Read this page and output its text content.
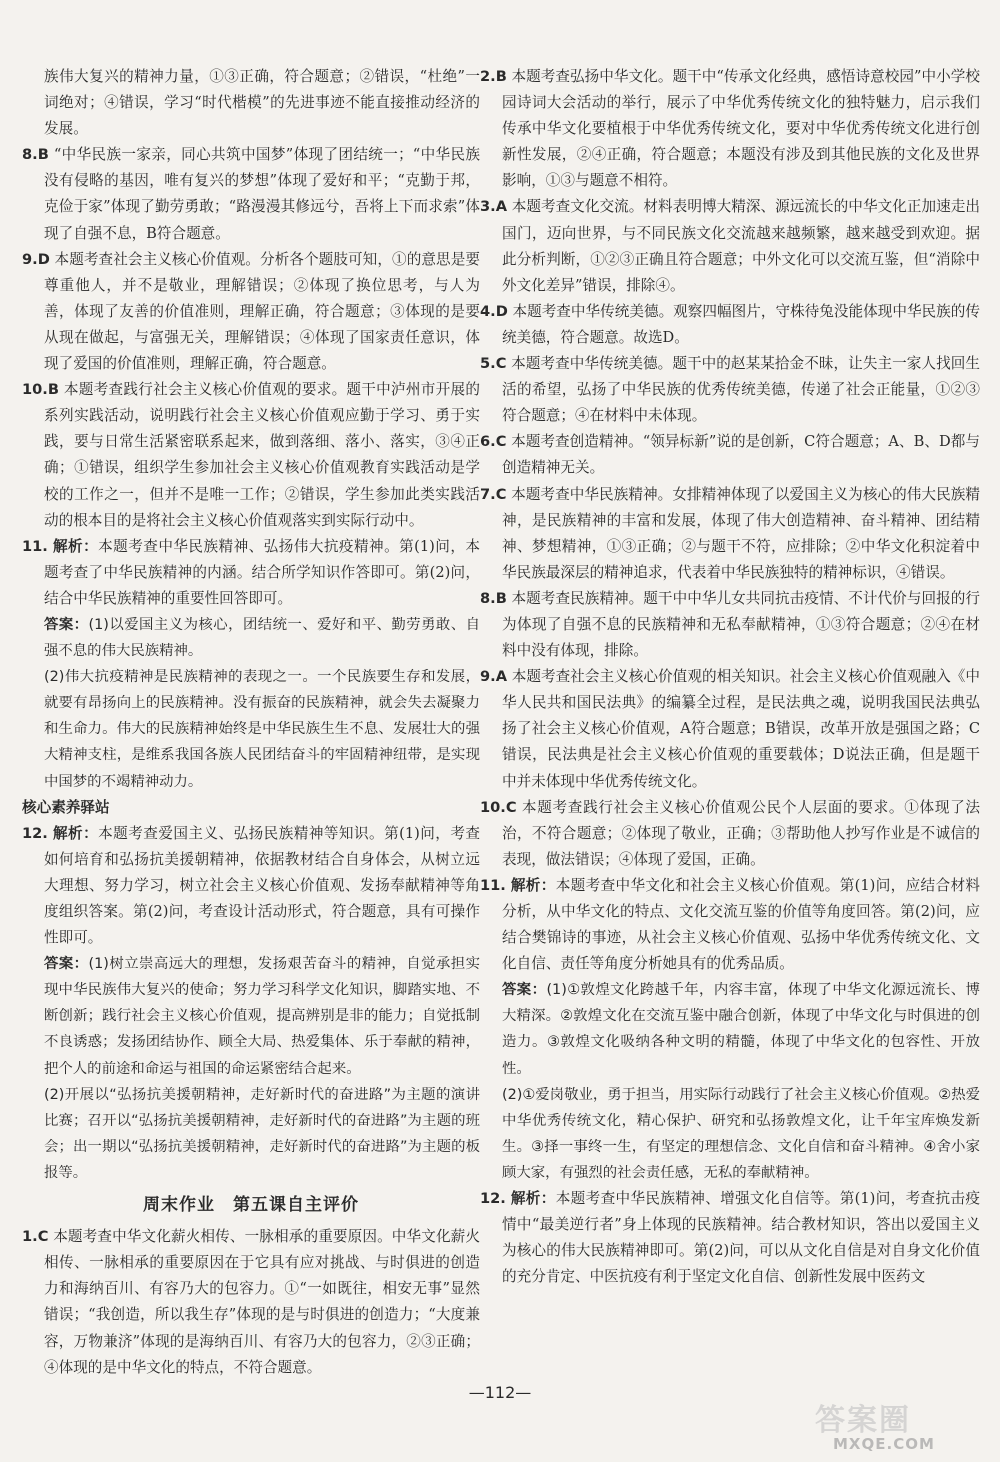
族伟大复兴的精神力量，①③正确，符合题意；②错误，“杜绝”一词绝对；④错误，学习“时代楷模”的先进事迹不能直接推动经济的发展。

8.B “中华民族一家亲，同心共筑中国梦”体现了团结统一；“中华民族没有侵略的基因，唯有复兴的梦想”体现了爱好和平；“克勤于邦，克俭于家”体现了勤劳勇敢；“路漫漫其修远兮，吾将上下而求索”体现了自强不息，B符合题意。

9.D 本题考查社会主义核心价值观。分析各个题肢可知，①的意思是要尊重他人，并不是敬业，理解错误；②体现了换位思考，与人为善，体现了友善的价值准则，理解正确，符合题意；③体现的是要从现在做起，与富强无关，理解错误；④体现了国家责任意识，体现了爱国的价值准则，理解正确，符合题意。

10.B 本题考查践行社会主义核心价值观的要求。题干中泸州市开展的系列实践活动，说明践行社会主义核心价值观应勤于学习、勇于实践，要与日常生活紧密联系起来，做到落细、落小、落实，③④正确；①错误，组织学生参加社会主义核心价值观教育实践活动是学校的工作之一，但并不是唯一工作；②错误，学生参加此类实践活动的根本目的是将社会主义核心价值观落实到实际行动中。

11. 解析：本题考查中华民族精神、弘扬伟大抗疫精神。第(1)问，本题考查了中华民族精神的内涵。结合所学知识作答即可。第(2)问，结合中华民族精神的重要性回答即可。

答案：(1)以爱国主义为核心，团结统一、爱好和平、勤劳勇敢、自强不息的伟大民族精神。

(2)伟大抗疫精神是民族精神的表现之一。一个民族要生存和发展，就要有昂扬向上的民族精神。没有振奋的民族精神，就会失去凝聚力和生命力。伟大的民族精神始终是中华民族生生不息、发展壮大的强大精神支柱，是维系我国各族人民团结奋斗的牢固精神纽带，是实现中国梦的不竭精神动力。

核心素养驿站

12. 解析：本题考查爱国主义、弘扬民族精神等知识。第(1)问，考查如何培育和弘扬抗美援朝精神，依据教材结合自身体会，从树立远大理想、努力学习，树立社会主义核心价值观、发扬奉献精神等角度组织答案。第(2)问，考查设计活动形式，符合题意，具有可操作性即可。

答案：(1)树立崇高远大的理想，发扬艰苦奋斗的精神，自觉承担实现中华民族伟大复兴的使命；努力学习科学文化知识，脚踏实地、不断创新；践行社会主义核心价值观，提高辨别是非的能力；自觉抵制不良诱惑；发扬团结协作、顾全大局、热爱集体、乐于奉献的精神，把个人的前途和命运与祖国的命运紧密结合起来。

(2)开展以“弘扬抗美援朝精神，走好新时代的奋进路”为主题的演讲比赛；召开以“弘扬抗美援朝精神，走好新时代的奋进路”为主题的班会；出一期以“弘扬抗美援朝精神，走好新时代的奋进路”为主题的板报等。

周末作业　第五课自主评价

1.C 本题考查中华文化薪火相传、一脉相承的重要原因。中华文化薪火相传、一脉相承的重要原因在于它具有应对挑战、与时俱进的创造力和海纳百川、有容乃大的包容力。①“一如既往，相安无事”显然错误；“我创造，所以我生存”体现的是与时俱进的创造力；“大度兼容，万物兼济”体现的是海纳百川、有容乃大的包容力，②③正确；④体现的是中华文化的特点，不符合题意。

2.B 本题考查弘扬中华文化。题干中“传承文化经典，感悟诗意校园”中小学校园诗词大会活动的举行，展示了中华优秀传统文化的独特魅力，启示我们传承中华文化要植根于中华优秀传统文化，要对中华优秀传统文化进行创新性发展，②④正确，符合题意；本题没有涉及到其他民族的文化及世界影响，①③与题意不相符。

3.A 本题考查文化交流。材料表明博大精深、源远流长的中华文化正加速走出国门，迈向世界，与不同民族文化交流越来越频繁，越来越受到欢迎。据此分析判断，①②③正确且符合题意；中外文化可以交流互鉴，但“消除中外文化差异”错误，排除④。

4.D 本题考查中华传统美德。观察四幅图片，守株待兔没能体现中华民族的传统美德，符合题意。故选D。

5.C 本题考查中华传统美德。题干中的赵某某拾金不昧，让失主一家人找回生活的希望，弘扬了中华民族的优秀传统美德，传递了社会正能量，①②③符合题意；④在材料中未体现。

6.C 本题考查创造精神。“领异标新”说的是创新，C符合题意；A、B、D都与创造精神无关。

7.C 本题考查中华民族精神。女排精神体现了以爱国主义为核心的伟大民族精神，是民族精神的丰富和发展，体现了伟大创造精神、奋斗精神、团结精神、梦想精神，①③正确；②与题干不符，应排除；②中华文化积淀着中华民族最深层的精神追求，代表着中华民族独特的精神标识，④错误。

8.B 本题考查民族精神。题干中中华儿女共同抗击疫情、不计代价与回报的行为体现了自强不息的民族精神和无私奉献精神，①③符合题意；②④在材料中没有体现，排除。

9.A 本题考查社会主义核心价值观的相关知识。社会主义核心价值观融入《中华人民共和国民法典》的编纂全过程，是民法典之魂，说明我国民法典弘扬了社会主义核心价值观，A符合题意；B错误，改革开放是强国之路；C错误，民法典是社会主义核心价值观的重要载体；D说法正确，但是题干中并未体现中华优秀传统文化。

10.C 本题考查践行社会主义核心价值观公民个人层面的要求。①体现了法治，不符合题意；②体现了敬业，正确；③帮助他人抄写作业是不诚信的表现，做法错误；④体现了爱国，正确。

11. 解析：本题考查中华文化和社会主义核心价值观。第(1)问，应结合材料分析，从中华文化的特点、文化交流互鉴的价值等角度回答。第(2)问，应结合樊锦诗的事迹，从社会主义核心价值观、弘扬中华优秀传统文化、文化自信、责任等角度分析她具有的优秀品质。

答案：(1)①敦煌文化跨越千年，内容丰富，体现了中华文化源远流长、博大精深。②敦煌文化在交流互鉴中融合创新，体现了中华文化与时俱进的创造力。③敦煌文化吸纳各种文明的精髓，体现了中华文化的包容性、开放性。

(2)①爱岗敬业，勇于担当，用实际行动践行了社会主义核心价值观。②热爱中华优秀传统文化，精心保护、研究和弘扬敦煌文化，让千年宝库焕发新生。③择一事终一生，有坚定的理想信念、文化自信和奋斗精神。④舍小家顾大家，有强烈的社会责任感，无私的奉献精神。

12. 解析：本题考查中华民族精神、增强文化自信等。第(1)问，考查抗击疫情中“最美逆行者”身上体现的民族精神。结合教材知识，答出以爱国主义为核心的伟大民族精神即可。第(2)问，可以从文化自信是对自身文化价值的充分肯定、中医抗疫有利于坚定文化自信、创新性发展中医药文

—112—
答案圈
MXQE.COM
